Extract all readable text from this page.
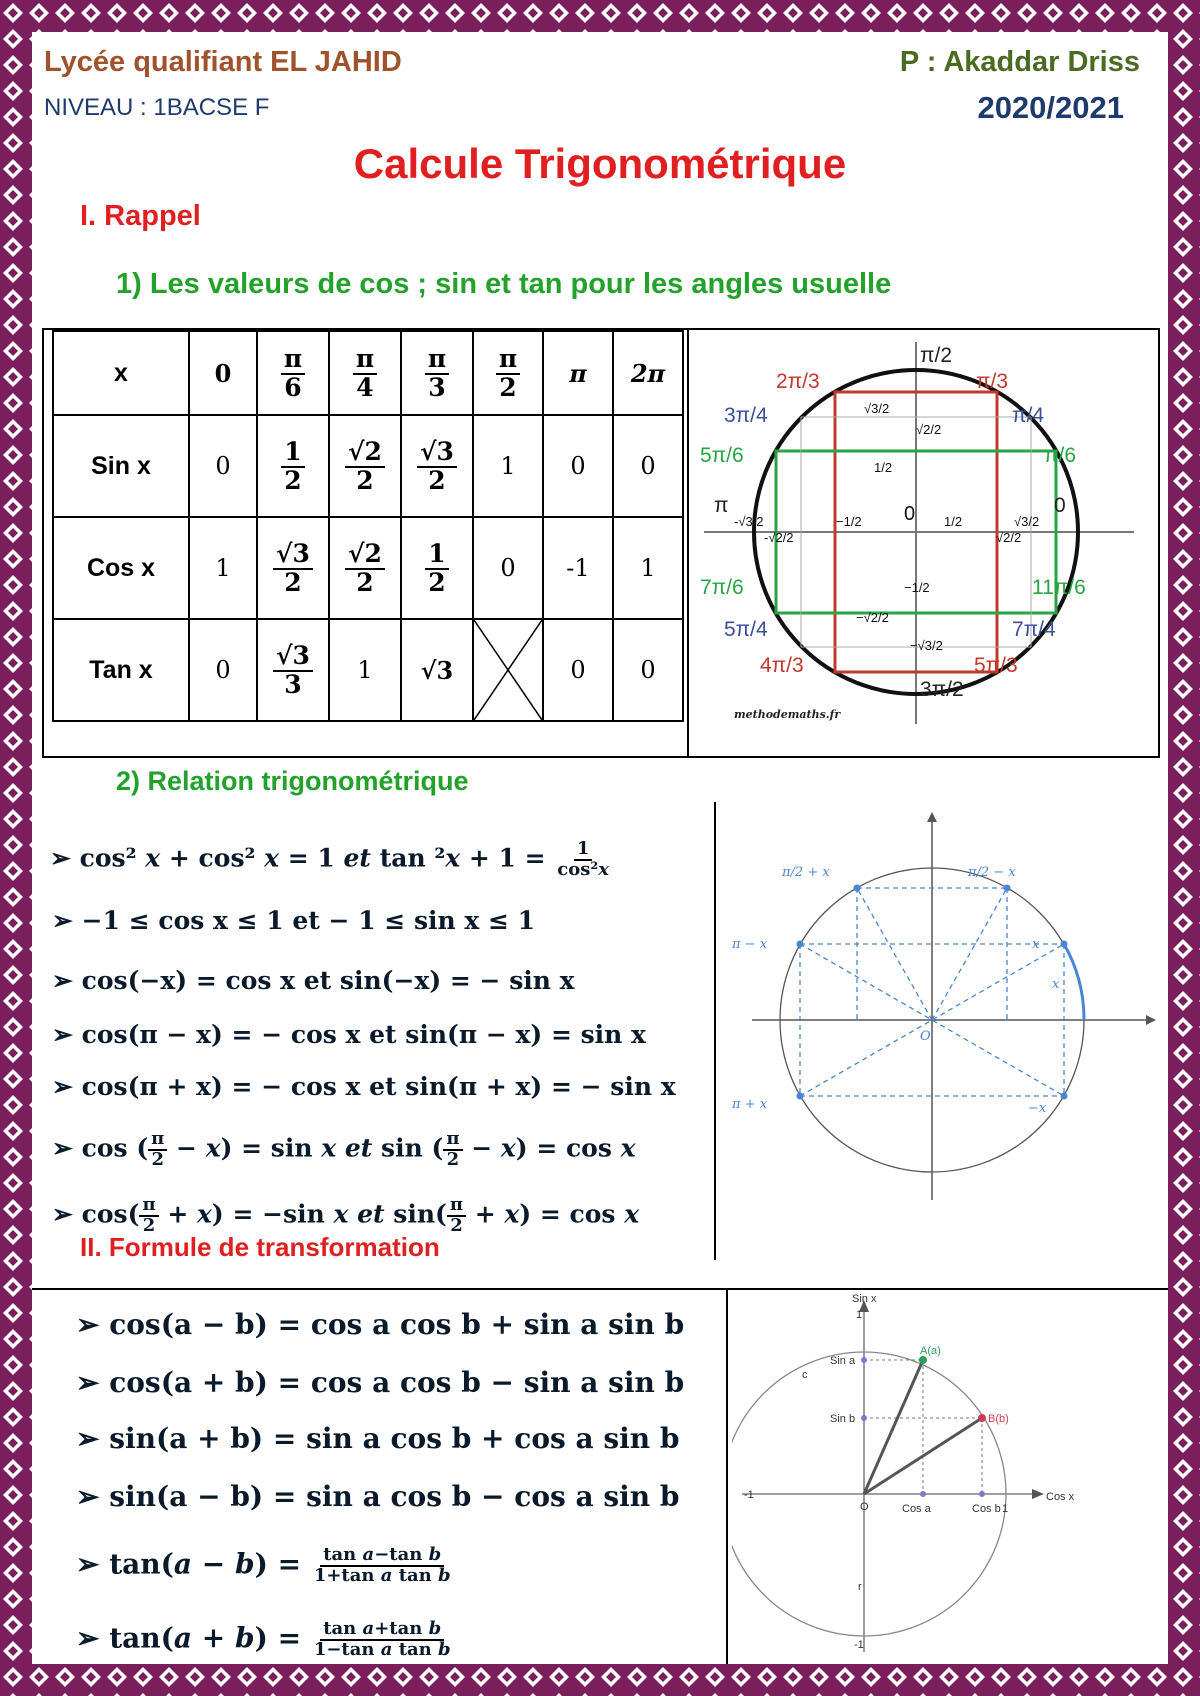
Lycée qualifiant EL JAHID	P : Akaddar Driss
NIVEAU : 1BACSE F	2020/2021
Calcule Trigonométrique
I. Rappel
1) Les valeurs de cos ; sin et tan pour les angles usuelle
x	0	$\frac{\pi}{6}$	$\frac{\pi}{4}$	$\frac{\pi}{3}$	$\frac{\pi}{2}$	π	2π
Sin x	0	$\frac{1}{2}$	$\frac{√2}{2}$	$\frac{√3}{2}$	1	0	0
Cos x	1	$\frac{√3}{2}$	$\frac{√2}{2}$	$\frac{1}{2}$	0	-1	1
Tan x	0	$\frac{√3}{3}$	1	√3		0	0
π/2
π/3
π/4
π/6
0
11π/6
7π/4
5π/3
3π/2
4π/3
5π/4
7π/6
π
5π/6
3π/4
2π/3
√3/2
√2/2
1/2
-√3/2
-√2/2
−1/2 0 1/2
√2/2
√3/2
−1/2
−√2/2
−√3/2
methodemaths.fr
2) Relation trigonométrique
➢ cos² x + cos² x = 1 et $\tan ^2x + 1 = \frac{1}{\text{cos²x}}$
➢ −1 ≤ cos x ≤ 1 et − 1 ≤ sin x ≤ 1
➢ cos(−x) = cos x et sin(−x) = − sin x
➢ cos(π − x) = − cos x et sin(π − x) = sin x
➢ cos(π + x) = − cos x et sin(π + x) = − sin x
➢ cos ( $\frac{\pi}{2} - x) = \sin x$ et sin ( $\frac{\pi}{2} - x) = \cos x$
➢ $\cos( \frac{\pi}{2} + x) = -\sin$ x et $\sin( \frac{\pi}{2} + x) = \cos x$
π/2 + x	π/2 − x
π − x	x
x
π + x	−x
O
II. Formule de transformation
➢ cos(a − b) = cos a cos b + sin a sin b
➢ cos(a + b) = cos a cos b − sin a sin b
➢ sin(a + b) = sin a cos b + cos a sin b
➢ sin(a − b) = sin a cos b − cos a sin b
➢ $\tan(a - b) = \frac{\text{tan a−tan b}}{\text{1+tan a tan b}}$
➢ $\tan(a + b) = \frac{\text{tan a+tan b}}{\text{1−tan a tan b}}$
Sin x
1
A(a)
Sin a
c
Sin b	B(b)
-1
O	Cos a	Cos b 1
Cos x
r
-1
